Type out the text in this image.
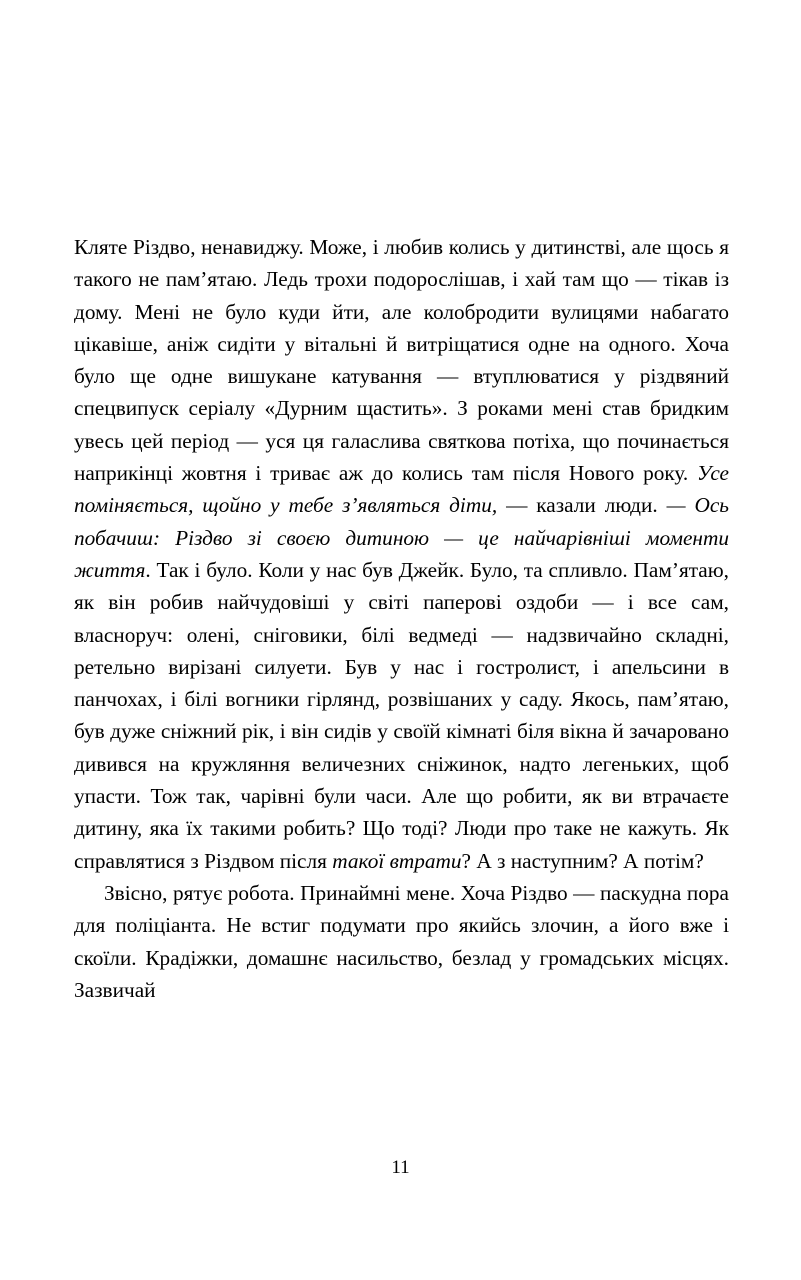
Кляте Різдво, ненавиджу. Може, і любив колись у дитинстві, але щось я такого не пам’ятаю. Ледь трохи подорослішав, і хай там що — тікав із дому. Мені не було куди йти, але колобродити вулицями набагато цікавіше, аніж сидіти у вітальні й витріщатися одне на одного. Хоча було ще одне вишукане катування — втуплюватися у різдвяний спецвипуск серіалу «Дурним щастить». З роками мені став бридким увесь цей період — уся ця галаслива святкова потіха, що починається наприкінці жовтня і триває аж до колись там після Нового року. Усе поміняється, щойно у тебе з’являться діти, — казали люди. — Ось побачиш: Різдво зі своєю дитиною — це найчарівніші моменти життя. Так і було. Коли у нас був Джейк. Було, та спливло. Пам’ятаю, як він робив найчудовіші у світі паперові оздоби — і все сам, власноруч: олені, сніговики, білі ведмеді — надзвичайно складні, ретельно вирізані силуети. Був у нас і гостролист, і апельсини в панчохах, і білі вогники гірлянд, розвішаних у саду. Якось, пам’ятаю, був дуже сніжний рік, і він сидів у своїй кімнаті біля вікна й зачаровано дивився на кружляння величезних сніжинок, надто легеньких, щоб упасти. Тож так, чарівні були часи. Але що робити, як ви втрачаєте дитину, яка їх такими робить? Що тоді? Люди про таке не кажуть. Як справлятися з Різдвом після такої втрати? А з наступним? А потім?

Звісно, рятує робота. Принаймні мене. Хоча Різдво — паскудна пора для поліціанта. Не встиг подумати про якийсь злочин, а його вже і скоїли. Крадіжки, домашнє насильство, безлад у громадських місцях. Зазвичай

11
